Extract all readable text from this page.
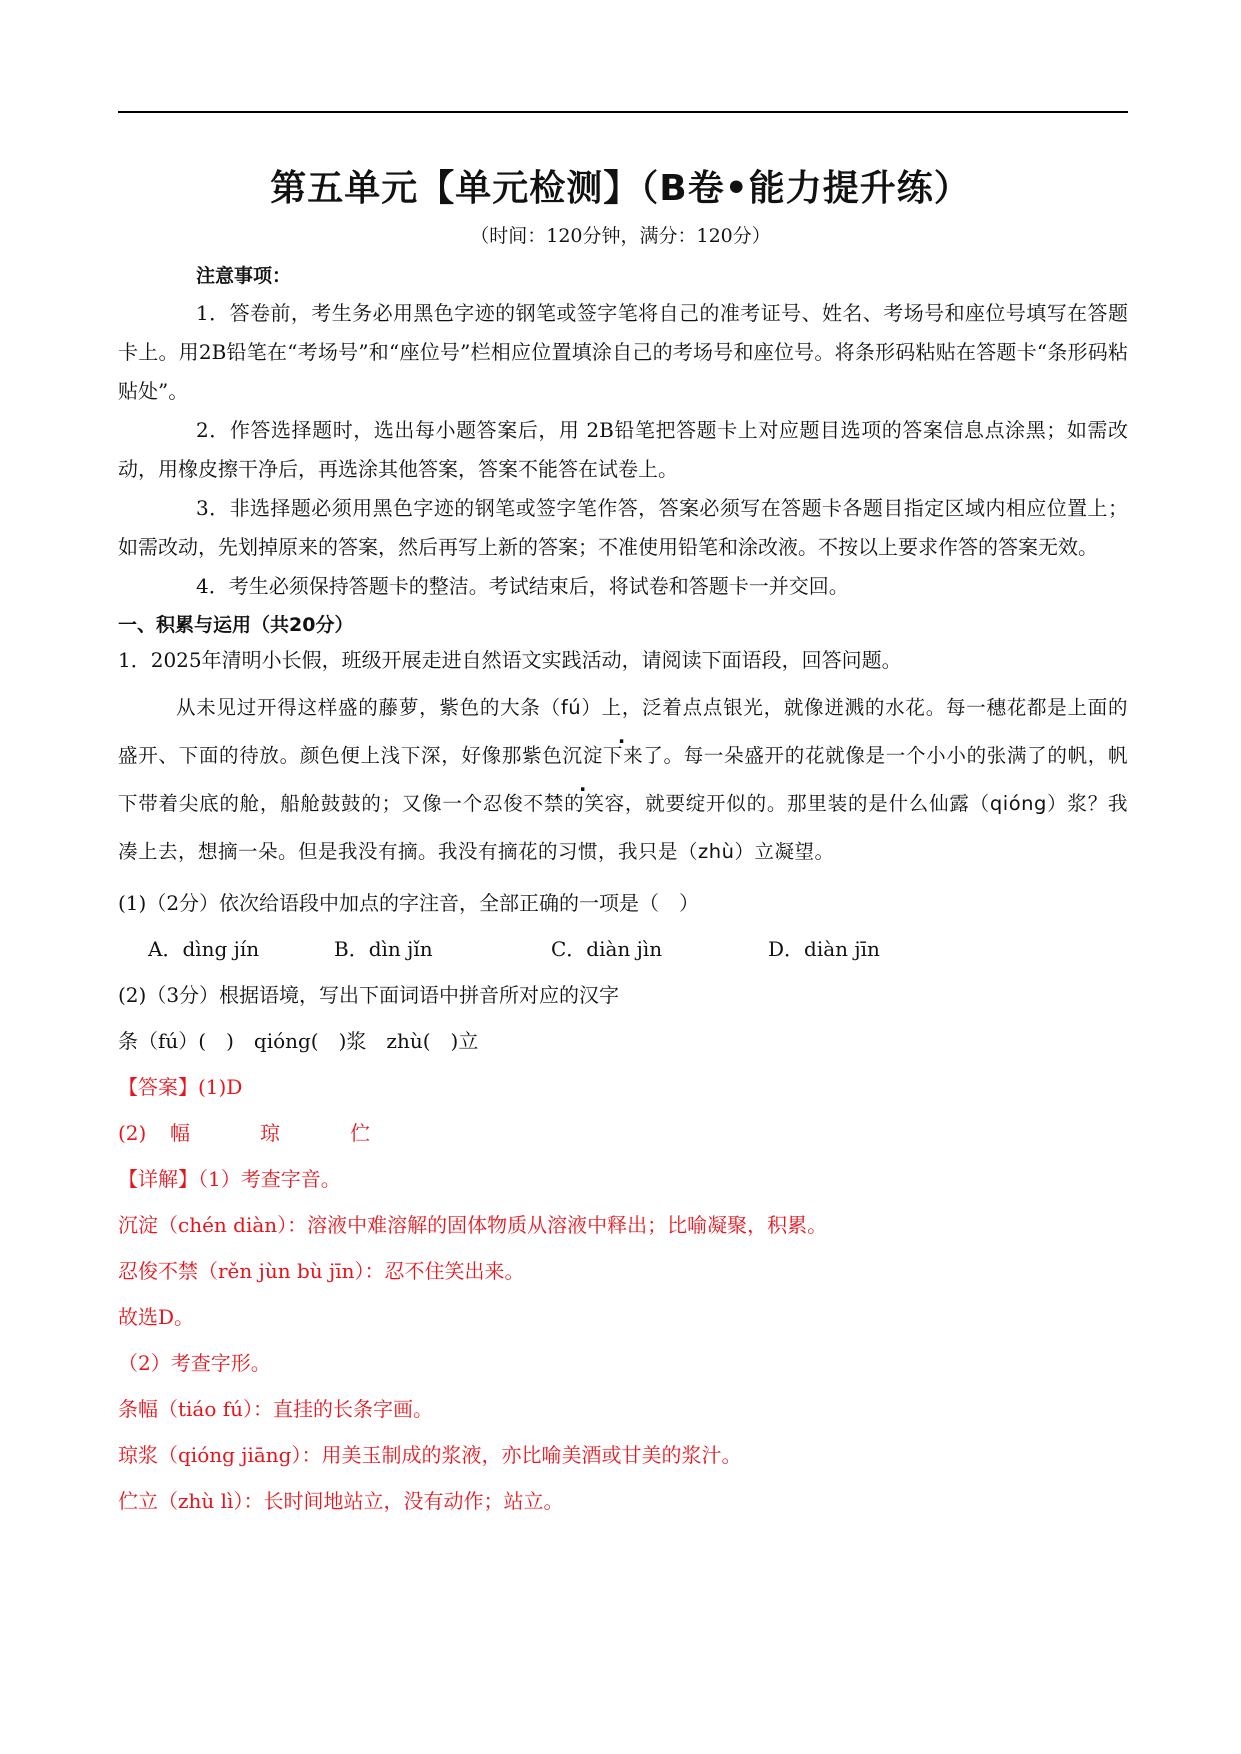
第五单元【单元检测】（B卷•能力提升练）
（时间：120分钟，满分：120分）
注意事项：

1．答卷前，考生务必用黑色字迹的钢笔或签字笔将自己的准考证号、姓名、考场号和座位号填写在答题卡上。用2B铅笔在“考场号”和“座位号”栏相应位置填涂自己的考场号和座位号。将条形码粘贴在答题卡“条形码粘贴处”。

2．作答选择题时，选出每小题答案后，用 2B铅笔把答题卡上对应题目选项的答案信息点涂黑；如需改动，用橡皮擦干净后，再选涂其他答案，答案不能答在试卷上。

3．非选择题必须用黑色字迹的钢笔或签字笔作答，答案必须写在答题卡各题目指定区域内相应位置上；如需改动，先划掉原来的答案，然后再写上新的答案；不准使用铅笔和涂改液。不按以上要求作答的答案无效。

4．考生必须保持答题卡的整洁。考试结束后，将试卷和答题卡一并交回。

一、积累与运用（共20分）

1．2025年清明小长假，班级开展走进自然语文实践活动，请阅读下面语段，回答问题。

从未见过开得这样盛的藤萝，紫色的大条（fú）上，泛着点点银光，就像迸溅的水花。每一穗花都是上面的盛开、下面的待放。颜色便上浅下深，好像那紫色沉淀下来了。每一朵盛开的花就像是一个小小的张满了的帆，帆下带着尖底的舱，船舱鼓鼓的；又像一个忍俊不禁的笑容，就要绽开似的。那里装的是什么仙露（qióng）浆？我凑上去，想摘一朵。但是我没有摘。我没有摘花的习惯，我只是（zhù）立凝望。

(1)（2分）依次给语段中加点的字注音，全部正确的一项是（　）

A．dìng jín	B．dìn jǐn	C．diàn jìn	D．diàn jīn

(2)（3分）根据语境，写出下面词语中拼音所对应的汉字

条（fú）(　)　qióng(　)浆　zhù(　)立

【答案】(1)D

(2)	幅	琼	伫

【详解】（1）考查字音。

沉淀（chén diàn）：溶液中难溶解的固体物质从溶液中释出；比喻凝聚，积累。

忍俊不禁（rěn jùn bù jīn）：忍不住笑出来。

故选D。

（2）考查字形。

条幅（tiáo fú）：直挂的长条字画。

琼浆（qióng jiāng）：用美玉制成的浆液，亦比喻美酒或甘美的浆汁。

伫立（zhù lì）：长时间地站立，没有动作；站立。
